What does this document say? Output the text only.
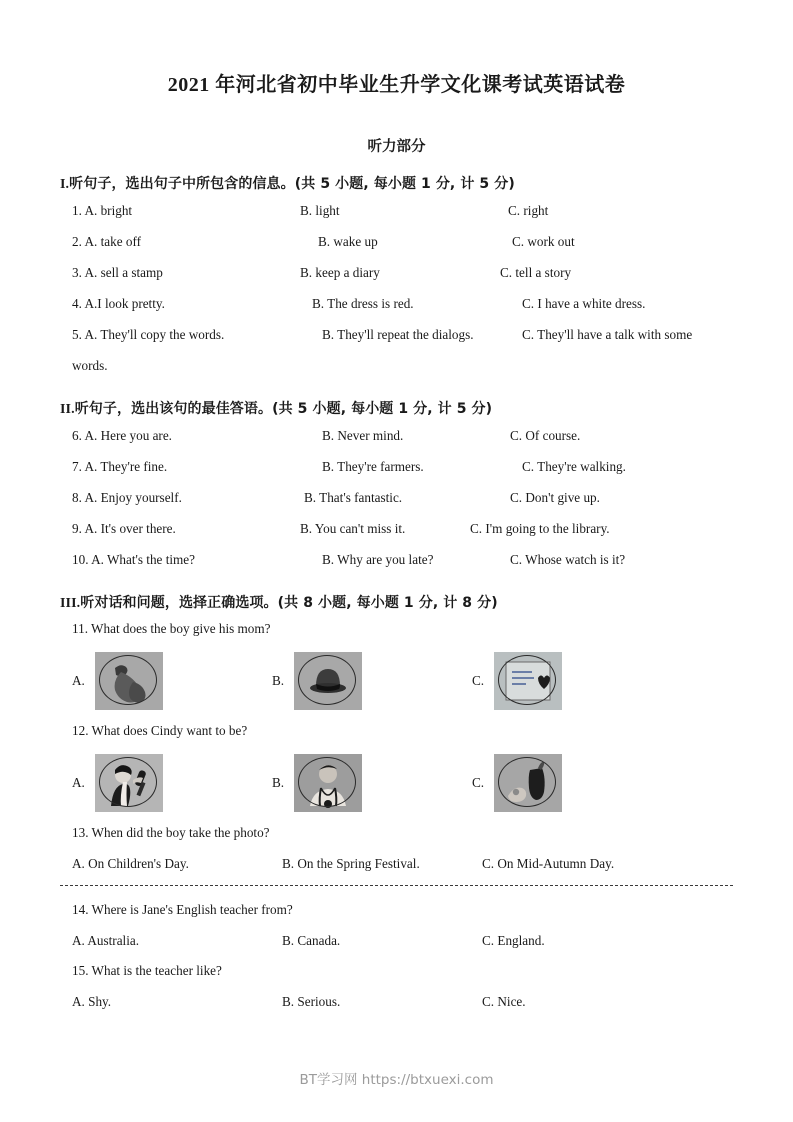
2021 年河北省初中毕业生升学文化课考试英语试卷
听力部分
I.听句子，选出句子中所包含的信息。(共 5 小题, 每小题 1 分, 计 5 分)
1. A. bright	B. light	C. right
2. A. take off	B. wake up	C. work out
3. A. sell a stamp	B. keep a diary	C. tell a story
4. A.I look pretty.	B. The dress is red.	C. I have a white dress.
5. A. They'll copy the words.	B. They'll repeat the dialogs.	C. They'll have a talk with some
words.
II.听句子，选出该句的最佳答语。(共 5 小题, 每小题 1 分, 计 5 分)
6. A. Here you are.	B. Never mind.	C. Of course.
7. A. They're fine.	B. They're farmers.	C. They're walking.
8. A. Enjoy yourself.	B. That's fantastic.	C. Don't give up.
9. A. It's over there.	B. You can't miss it.	C. I'm going to the library.
10. A. What's the time?	B. Why are you late?	C. Whose watch is it?
III.听对话和问题，选择正确选项。(共 8 小题, 每小题 1 分, 计 8 分)
11. What does the boy give his mom?
A.	B.	C.
12. What does Cindy want to be?
A.	B.	C.
13. When did the boy take the photo?
A. On Children's Day.	B. On the Spring Festival.	C. On Mid-Autumn Day.
14. Where is Jane's English teacher from?
A. Australia.	B. Canada.	C. England.
15. What is the teacher like?
A. Shy.	B. Serious.	C. Nice.
BT学习网 https://btxuexi.com
